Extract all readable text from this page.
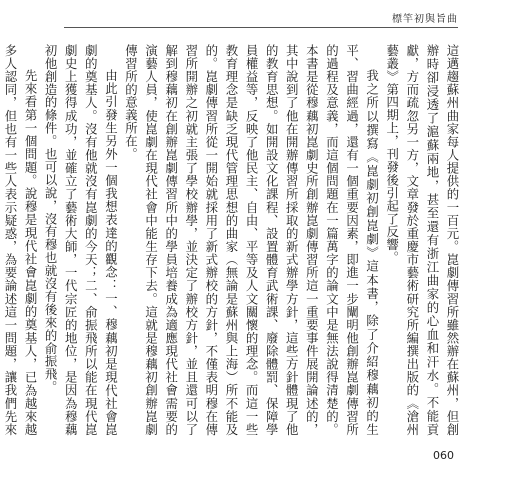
標竿初與旨曲

這邁趨蘇州曲家每人提供的一百元。崑劇傳習所雖然辦在蘇州，但創辦時卻浸透了滬蘇兩地，甚至還有浙江曲家的心血和汗水。不能貢獻，方而疏忽另一方，文章發於重慶市藝術研究所編撰出版的《滄州藝叢》第四期上，刊發後引起了反響。

我之所以撰寫《崑劇初創崑劇》這本書，除了介紹穆藕初的生平、習曲經過，還有一個重要因素，即進一步闡明他創辦崑劇傳習所的過程及意義，而這個問題在一篇萬字的論文中是無法說得清楚的。本書是從穆藕初崑劇史所創辦崑劇傳習所這一重要事件展開論述的，其中說到了他在開辦傳習所採取的新式辦學方針，這些方針體現了他的教育思想。如開設文化課程、設置體育武術課、廢除體罰、保障學員權益等，反映了他民主、自由、平等及人文關懷的理念。而這一些教育理念是缺乏現代管理思想的曲家（無論是蘇州與上海）所不能及的。崑劇傳習所從一開始就採用了新式辦校的方針，不僅表明穆在傳習所開辦之初就主張了學校辦學，並決定了辦校方針，並且還可以了解到穆藕初在創辦崑劇傳習所中的學員培養成為適應現代社會需要的演藝人員，使崑劇在現代社會中能生存下去。這就是穆藕初創辦崑劇傳習所的意義所在。

由此引發生另外一個我想表達的觀念：一、穆藕初是現代社會崑劇的奠基人。沒有他就沒有崑劇的今天；二、俞振飛所以能在現代崑劇史上獲得成功，並確立了藝術大師，一代宗匠的地位，是因為穆藕初他創造的條件。也可以說，沒有穆也就沒有後來的俞振飛。

先來看第一個問題。說穆是現代社會崑劇的奠基人，已為越來越多人認同，但也有一些人表示疑惑，為要論述這一問題，讓我們先來

060
